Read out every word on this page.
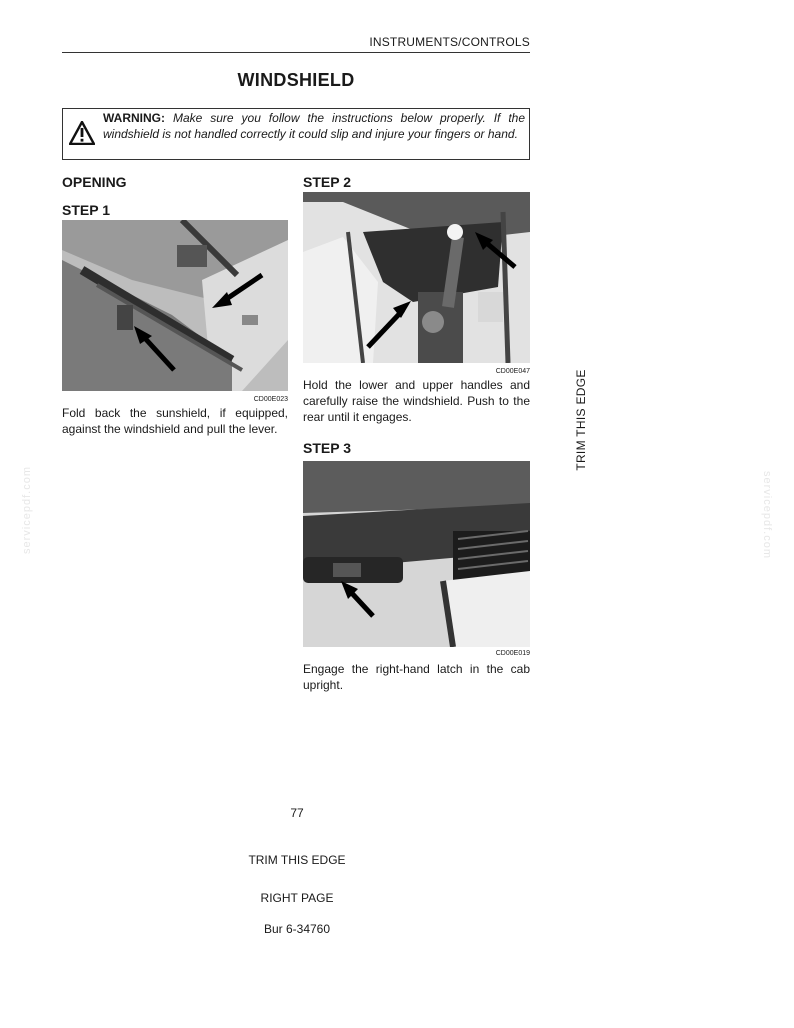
INSTRUMENTS/CONTROLS
WINDSHIELD
WARNING: Make sure you follow the instructions below properly. If the windshield is not handled correctly it could slip and injure your fingers or hand.
OPENING
STEP 1
CD00E023
Fold back the sunshield, if equipped, against the windshield and pull the lever.
STEP 2
CD00E047
Hold the lower and upper handles and carefully raise the windshield. Push to the rear until it engages.
STEP 3
CD00E019
Engage the right-hand latch in the cab upright.
TRIM THIS EDGE
servicepdf.com	servicepdf.com
77
TRIM THIS EDGE
RIGHT PAGE
Bur 6-34760
